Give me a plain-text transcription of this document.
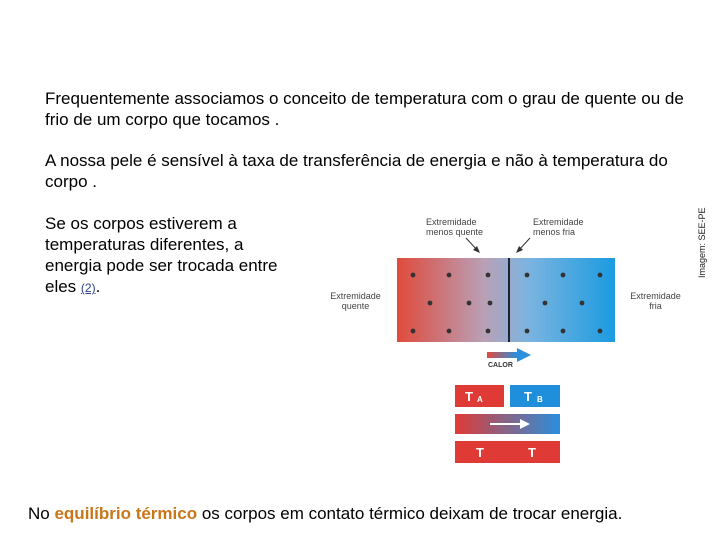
Frequentemente associamos o conceito de temperatura com o grau de quente ou de frio de um corpo que tocamos .

A nossa pele é sensível à taxa de transferência de energia e não à temperatura do corpo .

Se os corpos estiverem a temperaturas diferentes, a energia pode ser trocada entre eles (2).

No equilíbrio térmico os corpos em contato térmico deixam de trocar energia.

Imagem: SEE-PE
Extremidade
menos quente
Extremidade
menos fria
Extremidade
quente
Extremidade
fria
CALOR
T A	T B
T	T
